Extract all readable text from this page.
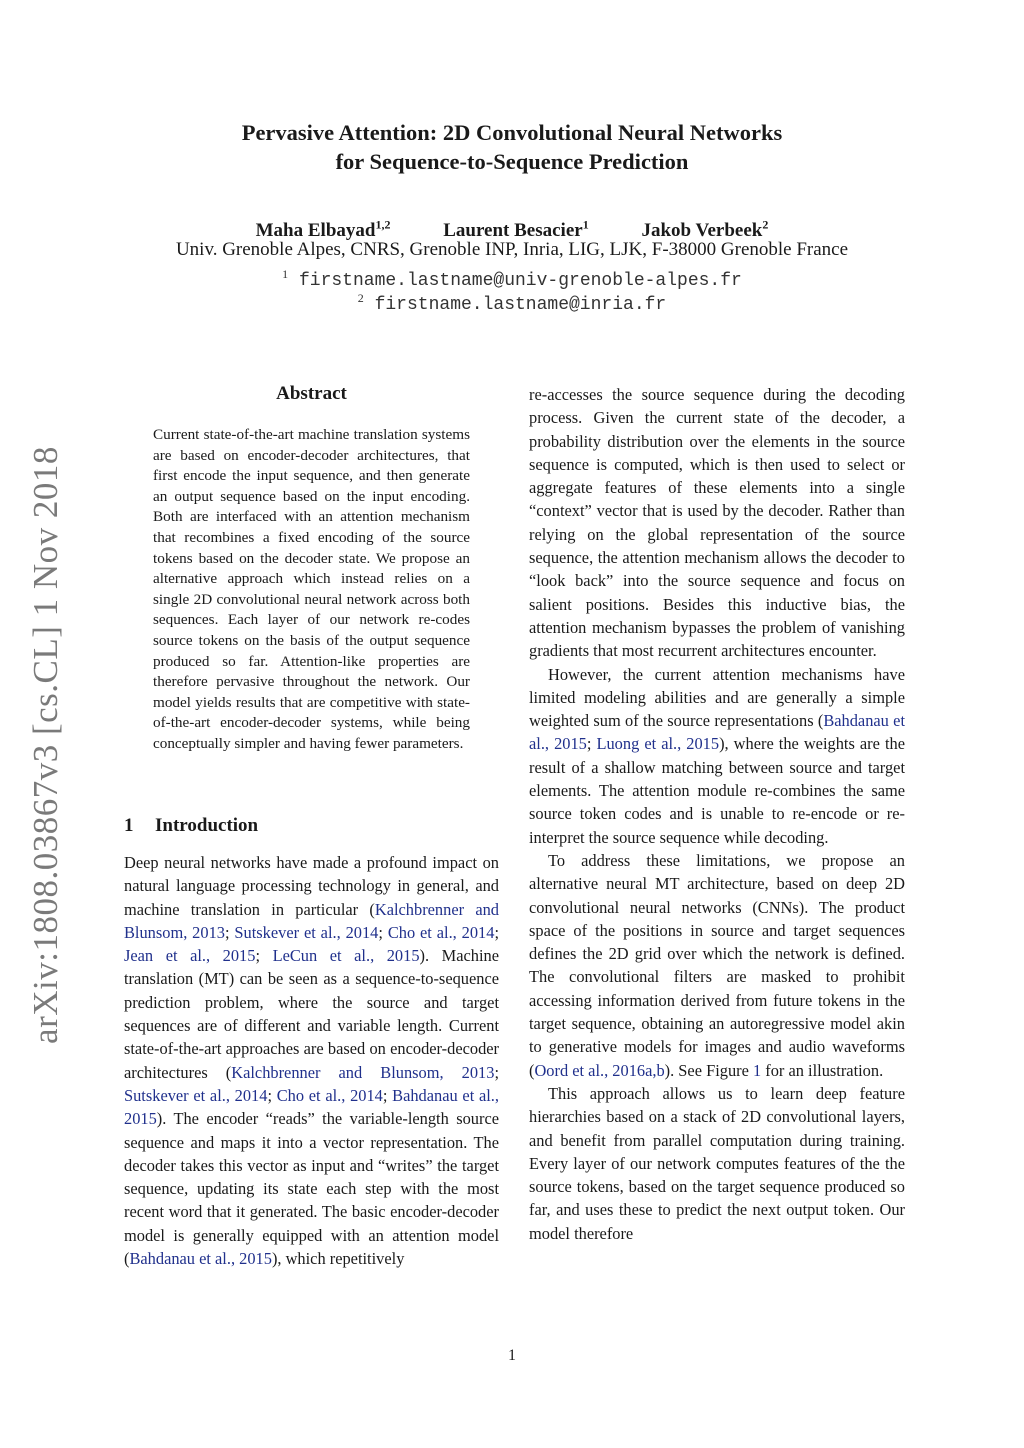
Pervasive Attention: 2D Convolutional Neural Networks
for Sequence-to-Sequence Prediction
Maha Elbayad$^{1,2}$	Laurent Besacier$^1$	Jakob Verbeek$^2$
Univ. Grenoble Alpes, CNRS, Grenoble INP, Inria, LIG, LJK, F-38000 Grenoble France
$^1$ firstname.lastname@univ-grenoble-alpes.fr
$^2$ firstname.lastname@inria.fr
arXiv:1808.03867v3 [cs.CL] 1 Nov 2018
Abstract
Current state-of-the-art machine translation systems are based on encoder-decoder architectures, that first encode the input sequence, and then generate an output sequence based on the input encoding. Both are interfaced with an attention mechanism that recombines a fixed encoding of the source tokens based on the decoder state. We propose an alternative approach which instead relies on a single 2D convolutional neural network across both sequences. Each layer of our network re-codes source tokens on the basis of the output sequence produced so far. Attention-like properties are therefore pervasive throughout the network. Our model yields results that are competitive with state-of-the-art encoder-decoder systems, while being conceptually simpler and having fewer parameters.
1 Introduction

Deep neural networks have made a profound impact on natural language processing technology in general, and machine translation in particular (Kalchbrenner and Blunsom, 2013; Sutskever et al., 2014; Cho et al., 2014; Jean et al., 2015; LeCun et al., 2015). Machine translation (MT) can be seen as a sequence-to-sequence prediction problem, where the source and target sequences are of different and variable length. Current state-of-the-art approaches are based on encoder-decoder architectures (Kalchbrenner and Blunsom, 2013; Sutskever et al., 2014; Cho et al., 2014; Bahdanau et al., 2015). The encoder “reads” the variable-length source sequence and maps it into a vector representation. The decoder takes this vector as input and “writes” the target sequence, updating its state each step with the most recent word that it generated. The basic encoder-decoder model is generally equipped with an attention model (Bahdanau et al., 2015), which repetitively

re-accesses the source sequence during the decoding process. Given the current state of the decoder, a probability distribution over the elements in the source sequence is computed, which is then used to select or aggregate features of these elements into a single “context” vector that is used by the decoder. Rather than relying on the global representation of the source sequence, the attention mechanism allows the decoder to “look back” into the source sequence and focus on salient positions. Besides this inductive bias, the attention mechanism bypasses the problem of vanishing gradients that most recurrent architectures encounter.

However, the current attention mechanisms have limited modeling abilities and are generally a simple weighted sum of the source representations (Bahdanau et al., 2015; Luong et al., 2015), where the weights are the result of a shallow matching between source and target elements. The attention module re-combines the same source token codes and is unable to re-encode or re-interpret the source sequence while decoding.

To address these limitations, we propose an alternative neural MT architecture, based on deep 2D convolutional neural networks (CNNs). The product space of the positions in source and target sequences defines the 2D grid over which the network is defined. The convolutional filters are masked to prohibit accessing information derived from future tokens in the target sequence, obtaining an autoregressive model akin to generative models for images and audio waveforms (Oord et al., 2016a,b). See Figure 1 for an illustration.

This approach allows us to learn deep feature hierarchies based on a stack of 2D convolutional layers, and benefit from parallel computation during training. Every layer of our network computes features of the the source tokens, based on the target sequence produced so far, and uses these to predict the next output token. Our model therefore

1
